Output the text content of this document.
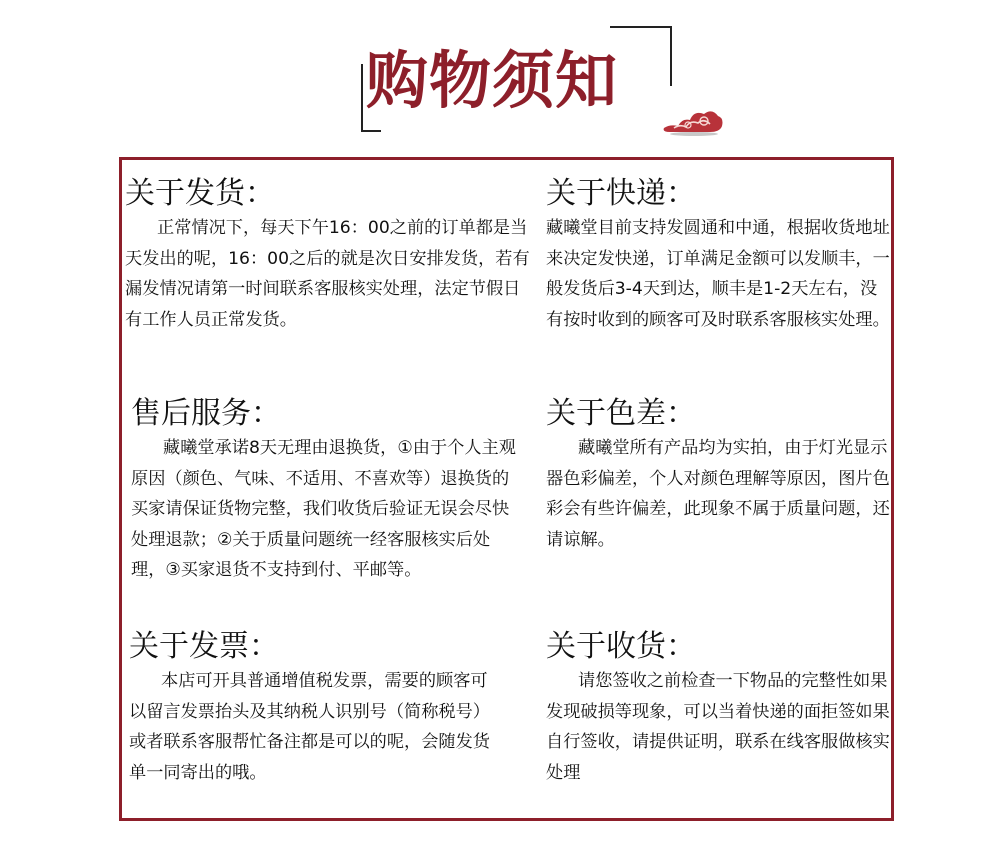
购物须知
关于发货：

正常情况下，每天下午16：00之前的订单都是当天发出的呢，16：00之后的就是次日安排发货，若有漏发情况请第一时间联系客服核实处理，法定节假日有工作人员正常发货。

关于快递：

藏曦堂目前支持发圆通和中通，根据收货地址来决定发快递，订单满足金额可以发顺丰，一般发货后3-4天到达，顺丰是1-2天左右，没有按时收到的顾客可及时联系客服核实处理。

售后服务：

藏曦堂承诺8天无理由退换货，①由于个人主观原因（颜色、气味、不适用、不喜欢等）退换货的买家请保证货物完整，我们收货后验证无误会尽快处理退款；②关于质量问题统一经客服核实后处理，③买家退货不支持到付、平邮等。

关于色差：

藏曦堂所有产品均为实拍，由于灯光显示器色彩偏差，个人对颜色理解等原因，图片色彩会有些许偏差，此现象不属于质量问题，还请谅解。

关于发票：

本店可开具普通增值税发票，需要的顾客可以留言发票抬头及其纳税人识别号（简称税号）或者联系客服帮忙备注都是可以的呢，会随发货单一同寄出的哦。

关于收货：

请您签收之前检查一下物品的完整性如果发现破损等现象，可以当着快递的面拒签如果自行签收，请提供证明，联系在线客服做核实处理
